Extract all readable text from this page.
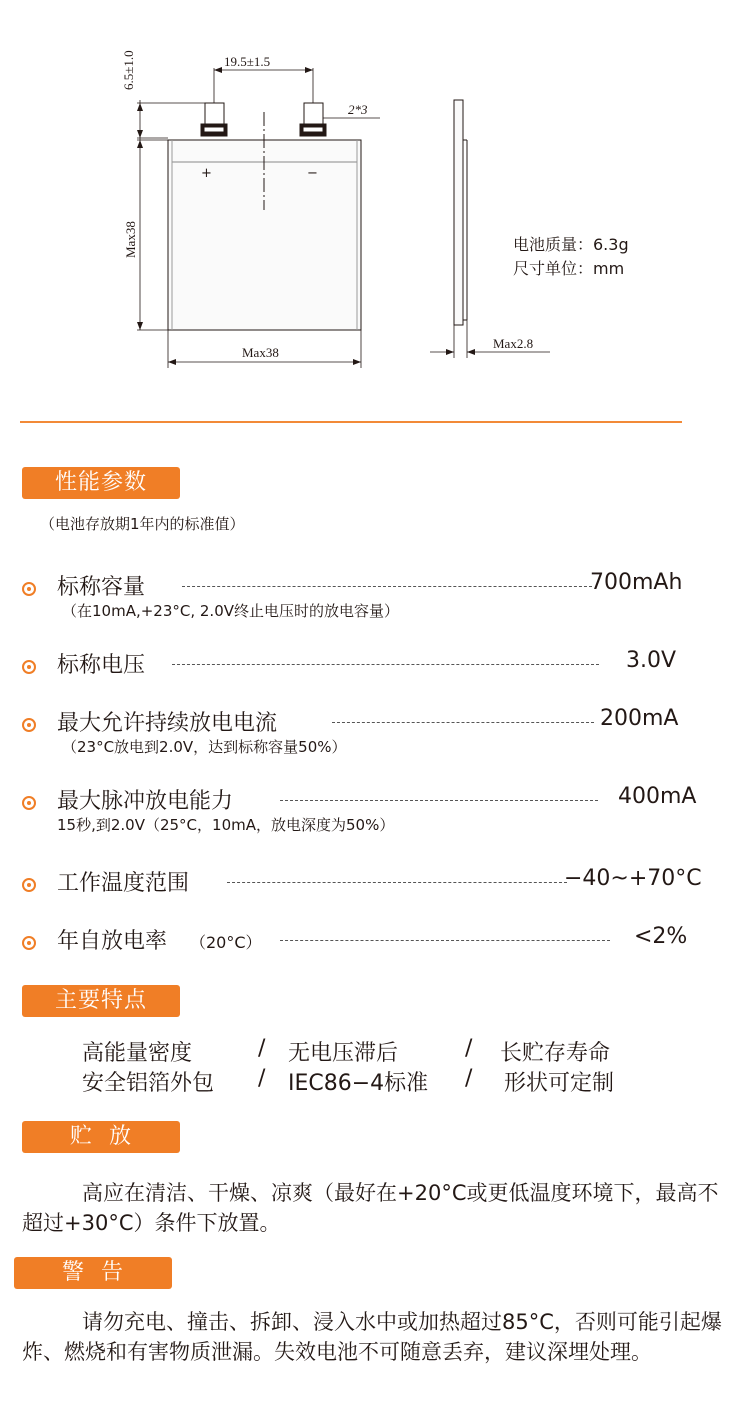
19.5±1.5
2*3
6.5±1.0
Max38
Max38
Max2.8
+	−
电池质量：6.3g
尺寸单位：mm
性能参数
（电池存放期1年内的标准值）
标称容量	700mAh
（在10mA,+23°C, 2.0V终止电压时的放电容量）
标称电压	3.0V
最大允许持续放电电流	200mA
（23°C放电到2.0V，达到标称容量50%）
最大脉冲放电能力	400mA
15秒,到2.0V（25°C，10mA，放电深度为50%）
工作温度范围	−40~+70°C
年自放电率 （20°C）	<2%
主要特点
高能量密度	/ 无电压滞后	/ 长贮存寿命
安全铝箔外包 / IEC86−4标准 / 形状可定制
贮  放
高应在清洁、干燥、凉爽（最好在+20°C或更低温度环境下，最高不超过+30°C）条件下放置。
警  告
请勿充电、撞击、拆卸、浸入水中或加热超过85°C，否则可能引起爆炸、燃烧和有害物质泄漏。失效电池不可随意丢弃，建议深埋处理。
